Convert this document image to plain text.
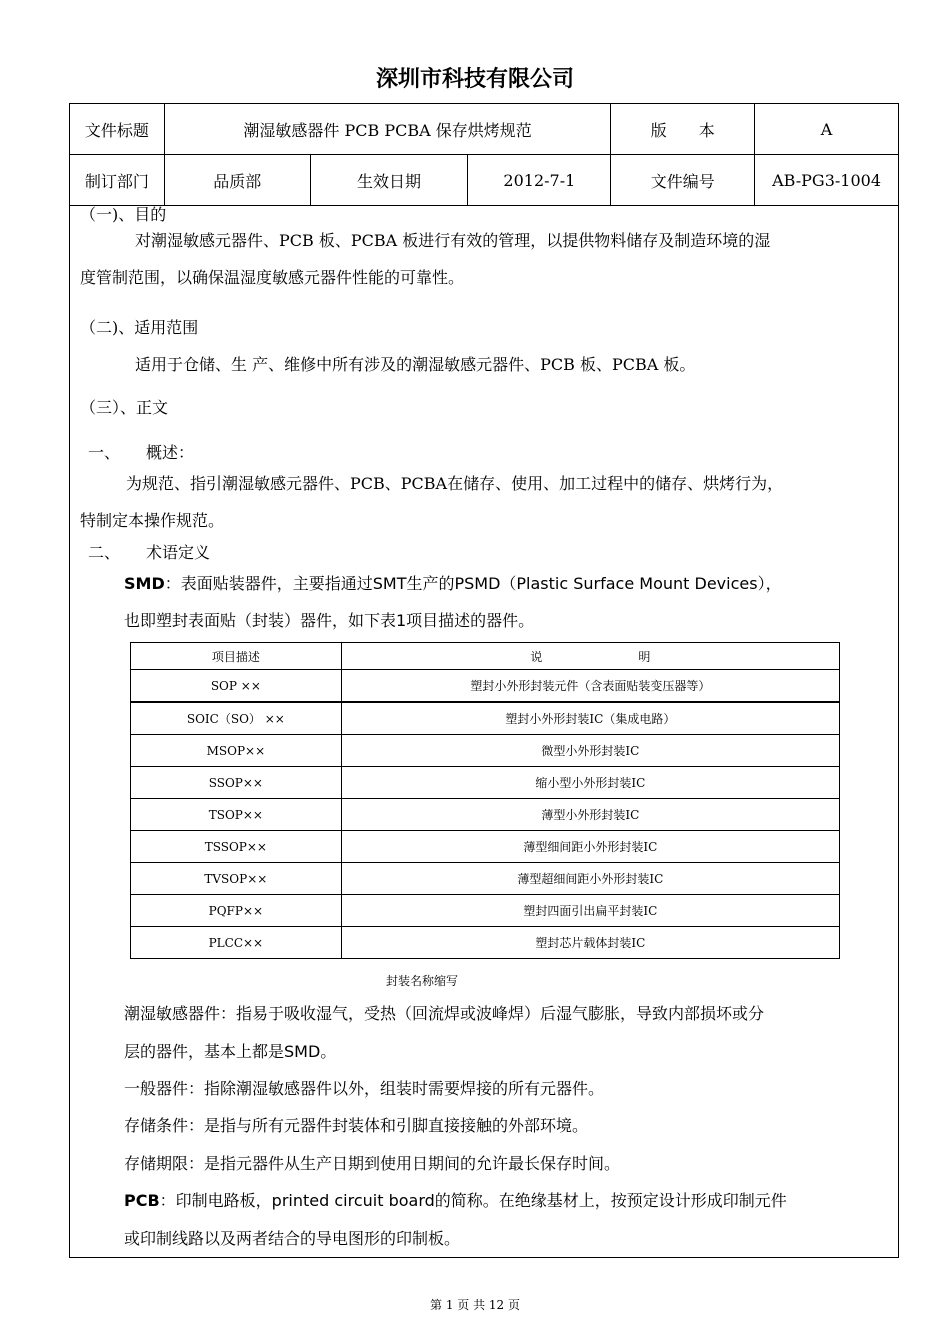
深圳市科技有限公司
文件标题	潮湿敏感器件 PCB PCBA 保存烘烤规范			版　　本	A
制订部门	品质部	生效日期	2012-7-1	文件编号	AB-PG3-1004
（一)、目的
对潮湿敏感元器件、PCB 板、PCBA 板进行有效的管理，以提供物料储存及制造环境的湿
度管制范围，以确保温湿度敏感元器件性能的可靠性。
（二)、适用范围
适用于仓储、生 产、维修中所有涉及的潮湿敏感元器件、PCB 板、PCBA 板。
（三）、正文
一、 概述：
为规范、指引潮湿敏感元器件、PCB、PCBA在储存、使用、加工过程中的储存、烘烤行为，
特制定本操作规范。
二、 术语定义
SMD：表面贴装器件，主要指通过SMT生产的PSMD（Plastic Surface Mount Devices），
也即塑封表面贴（封装）器件，如下表1项目描述的器件。
项目描述	说　　　　　　　　明
SOP ××	塑封小外形封装元件（含表面贴装变压器等）
SOIC（SO） ××	塑封小外形封装IC（集成电路）
MSOP××	微型小外形封装IC
SSOP××	缩小型小外形封装IC
TSOP××	薄型小外形封装IC
TSSOP××	薄型细间距小外形封装IC
TVSOP××	薄型超细间距小外形封装IC
PQFP××	塑封四面引出扁平封装IC
PLCC××	塑封芯片载体封装IC
封装名称缩写
潮湿敏感器件：指易于吸收湿气，受热（回流焊或波峰焊）后湿气膨胀，导致内部损坏或分
层的器件，基本上都是SMD。
一般器件：指除潮湿敏感器件以外，组装时需要焊接的所有元器件。
存储条件：是指与所有元器件封装体和引脚直接接触的外部环境。
存储期限：是指元器件从生产日期到使用日期间的允许最长保存时间。
PCB：印制电路板，printed circuit board的简称。在绝缘基材上，按预定设计形成印制元件
或印制线路以及两者结合的导电图形的印制板。
第 1 页 共 12 页
